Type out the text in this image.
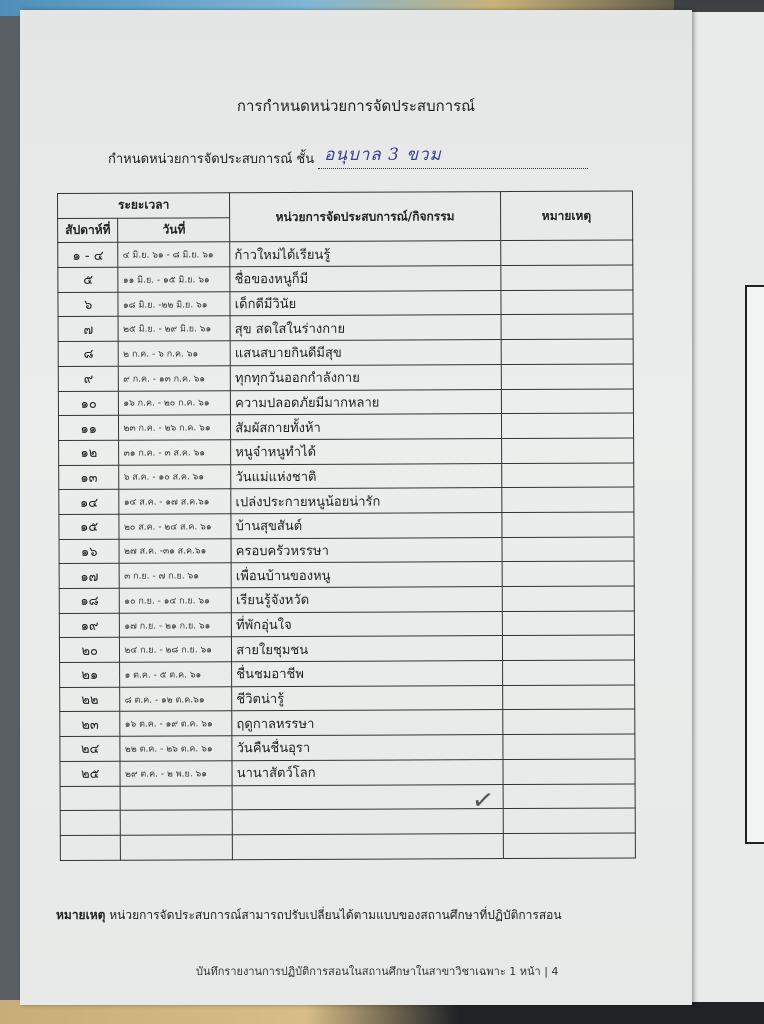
การกำหนดหน่วยการจัดประสบการณ์
กำหนดหน่วยการจัดประสบการณ์ ชั้น อนุบาล 3 ขวม
ระยะเวลา		หน่วยการจัดประสบการณ์/กิจกรรม	หมายเหตุ
สัปดาห์ที่	วันที่		
๑ - ๔	๔ มิ.ย. ๖๑ - ๘ มิ.ย. ๖๑	ก้าวใหม่ได้เรียนรู้	
๕	๑๑ มิ.ย. - ๑๕ มิ.ย. ๖๑	ชื่อของหนูก็มี	
๖	๑๘ มิ.ย. -๒๒ มิ.ย. ๖๑	เด็กดีมีวินัย	
๗	๒๕ มิ.ย. - ๒๙ มิ.ย. ๖๑	สุข สดใสในร่างกาย	
๘	๒ ก.ค. - ๖ ก.ค. ๖๑	แสนสบายกินดีมีสุข	
๙	๙ ก.ค. - ๑๓ ก.ค. ๖๑	ทุกทุกวันออกกำลังกาย	
๑๐	๑๖ ก.ค. - ๒๐ ก.ค. ๖๑	ความปลอดภัยมีมากหลาย	
๑๑	๒๓ ก.ค. - ๒๖ ก.ค. ๖๑	สัมผัสกายทั้งห้า	
๑๒	๓๑ ก.ค. - ๓ ส.ค. ๖๑	หนูจ๋าหนูทำได้	
๑๓	๖ ส.ค. - ๑๐ ส.ค. ๖๑	วันแม่แห่งชาติ	
๑๔	๑๔ ส.ค. - ๑๗ ส.ค.๖๑	เปล่งประกายหนูน้อยน่ารัก	
๑๕	๒๐ ส.ค. - ๒๔ ส.ค. ๖๑	บ้านสุขสันต์	
๑๖	๒๗ ส.ค. -๓๑ ส.ค.๖๑	ครอบครัวหรรษา	
๑๗	๓ ก.ย. - ๗ ก.ย. ๖๑	เพื่อนบ้านของหนู	
๑๘	๑๐ ก.ย. - ๑๔ ก.ย. ๖๑	เรียนรู้จังหวัด	
๑๙	๑๗ ก.ย. - ๒๑ ก.ย. ๖๑	ที่พักอุ่นใจ	
๒๐	๒๔ ก.ย. - ๒๘ ก.ย. ๖๑	สายใยชุมชน	
๒๑	๑ ต.ค. - ๕ ต.ค. ๖๑	ชื่นชมอาชีพ	
๒๒	๘ ต.ค. - ๑๒ ต.ค.๖๑	ชีวิตน่ารู้	
๒๓	๑๖ ต.ค. - ๑๙ ต.ค. ๖๑	ฤดูกาลหรรษา	
๒๔	๒๒ ต.ค. - ๒๖ ต.ค. ๖๑	วันคืนชื่นอุรา	
๒๕	๒๙ ต.ค. - ๒ พ.ย. ๖๑	นานาสัตว์โลก	

✓
หมายเหตุ หน่วยการจัดประสบการณ์สามารถปรับเปลี่ยนได้ตามแบบของสถานศึกษาที่ปฏิบัติการสอน
บันทึกรายงานการปฏิบัติการสอนในสถานศึกษาในสาขาวิชาเฉพาะ 1 หน้า | 4
